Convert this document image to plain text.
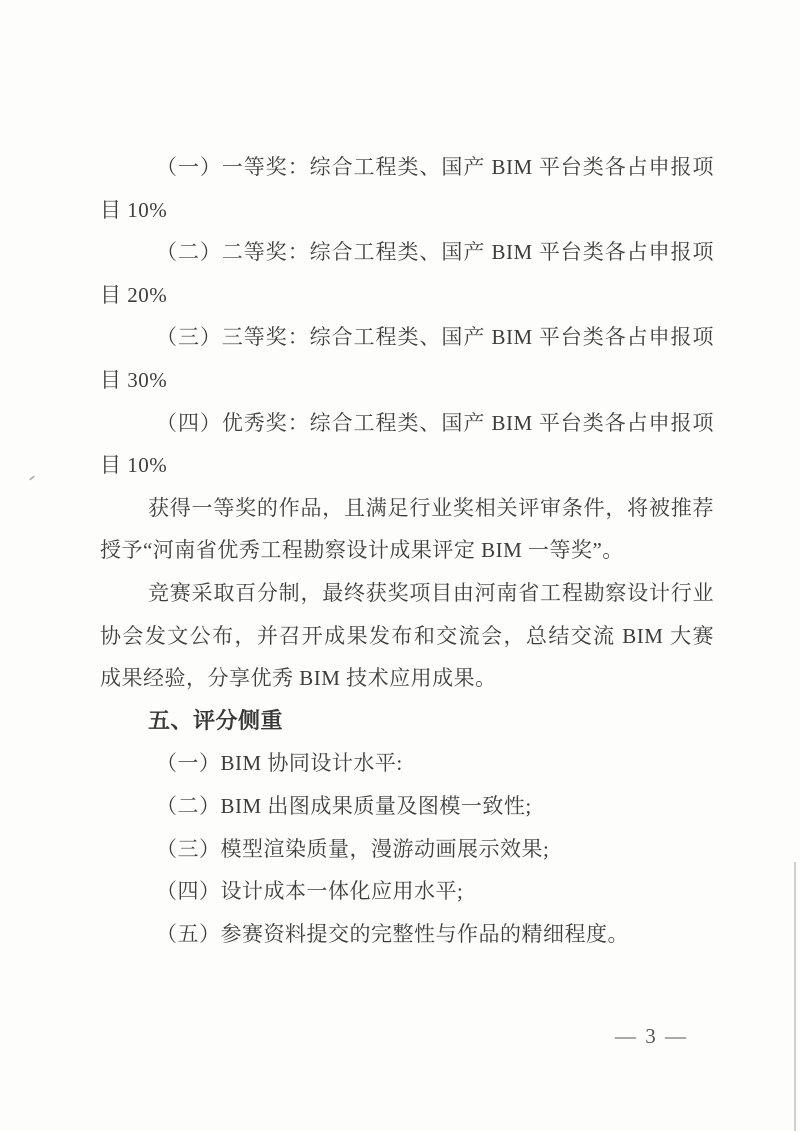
（一）一等奖：综合工程类、国产 BIM 平台类各占申报项
目 10%
（二）二等奖：综合工程类、国产 BIM 平台类各占申报项
目 20%
（三）三等奖：综合工程类、国产 BIM 平台类各占申报项
目 30%
（四）优秀奖：综合工程类、国产 BIM 平台类各占申报项
目 10%
获得一等奖的作品，且满足行业奖相关评审条件，将被推荐
授予“河南省优秀工程勘察设计成果评定 BIM 一等奖”。
竞赛采取百分制，最终获奖项目由河南省工程勘察设计行业
协会发文公布，并召开成果发布和交流会，总结交流 BIM 大赛
成果经验，分享优秀 BIM 技术应用成果。
五、评分侧重
（一）BIM 协同设计水平:
（二）BIM 出图成果质量及图模一致性;
（三）模型渲染质量，漫游动画展示效果;
（四）设计成本一体化应用水平;
（五）参赛资料提交的完整性与作品的精细程度。
— 3 —
